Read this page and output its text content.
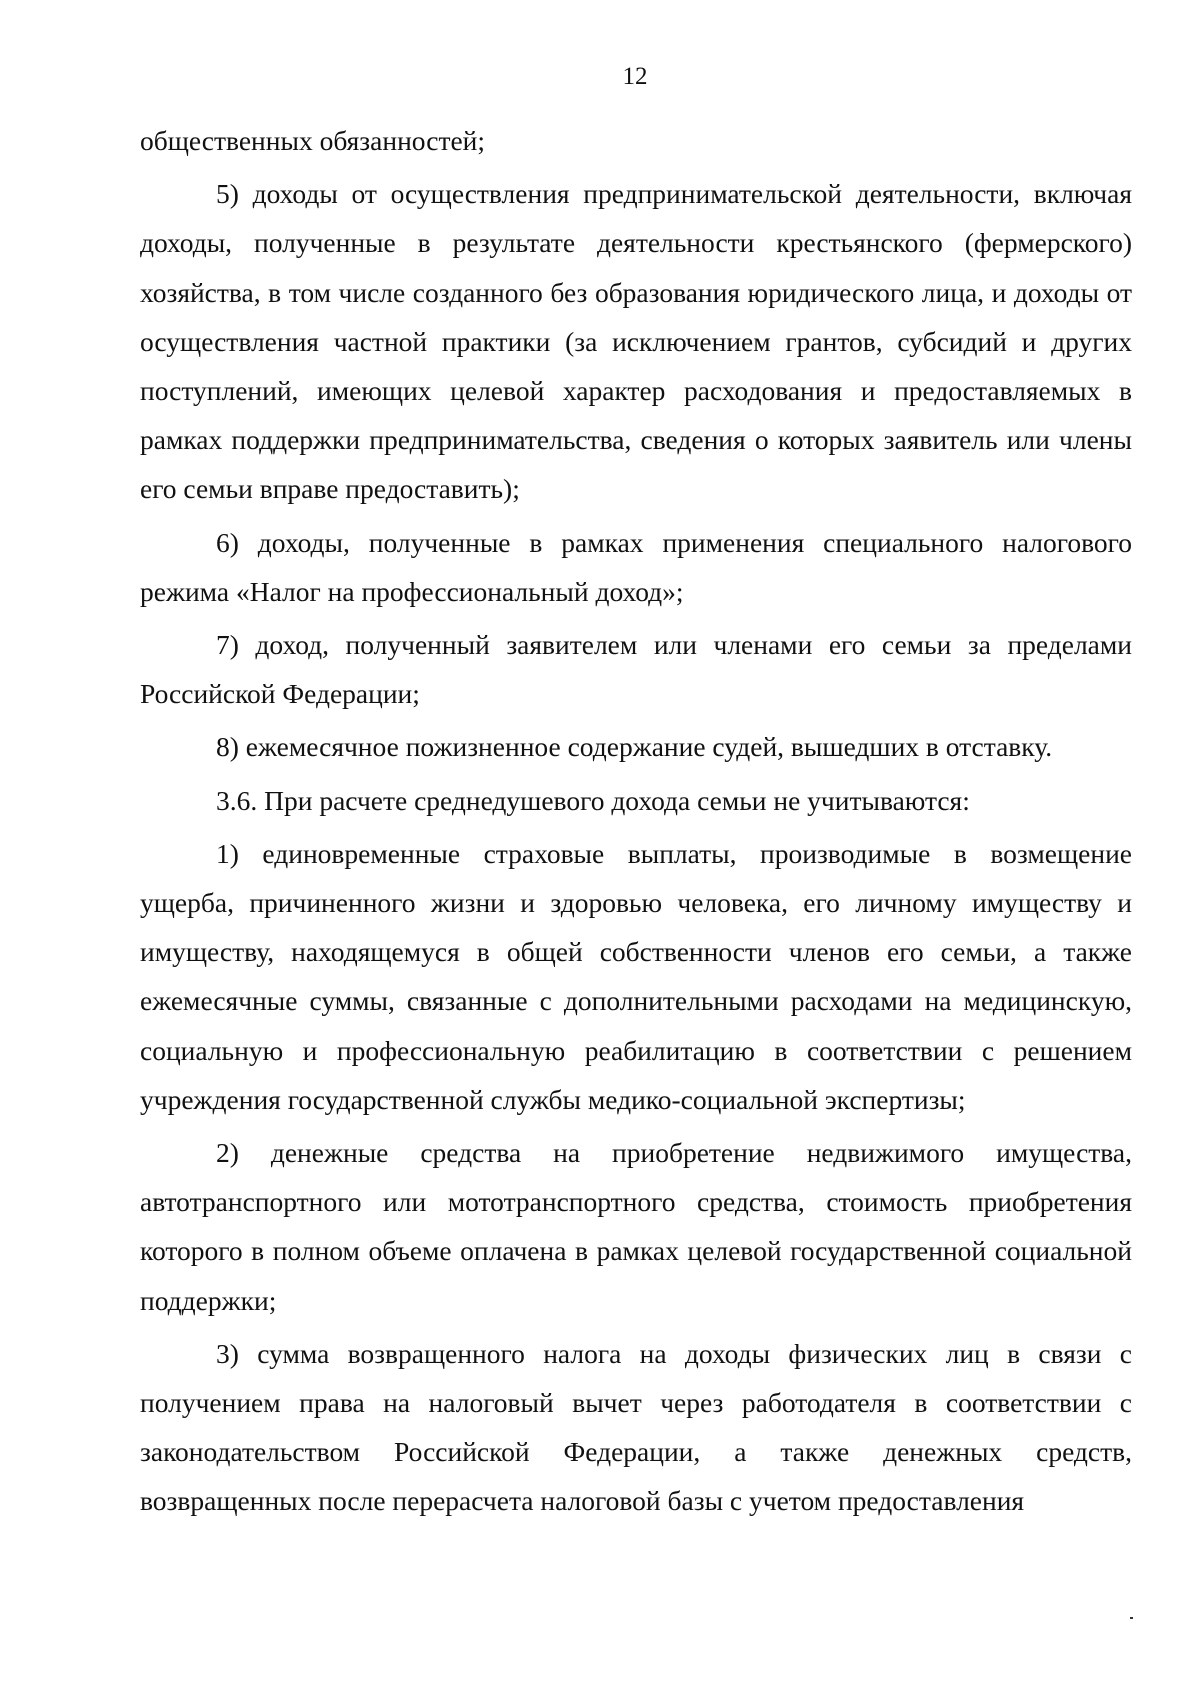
12

общественных обязанностей;

5) доходы от осуществления предпринимательской деятельности, включая доходы, полученные в результате деятельности крестьянского (фермерского) хозяйства, в том числе созданного без образования юридического лица, и доходы от осуществления частной практики (за исключением грантов, субсидий и других поступлений, имеющих целевой характер расходования и предоставляемых в рамках поддержки предпринимательства, сведения о которых заявитель или члены его семьи вправе предоставить);

6) доходы, полученные в рамках применения специального налогового режима «Налог на профессиональный доход»;

7) доход, полученный заявителем или членами его семьи за пределами Российской Федерации;

8) ежемесячное пожизненное содержание судей, вышедших в отставку.

3.6. При расчете среднедушевого дохода семьи не учитываются:

1) единовременные страховые выплаты, производимые в возмещение ущерба, причиненного жизни и здоровью человека, его личному имуществу и имуществу, находящемуся в общей собственности членов его семьи, а также ежемесячные суммы, связанные с дополнительными расходами на медицинскую, социальную и профессиональную реабилитацию в соответствии с решением учреждения государственной службы медико-социальной экспертизы;

2) денежные средства на приобретение недвижимого имущества, автотранспортного или мототранспортного средства, стоимость приобретения которого в полном объеме оплачена в рамках целевой государственной социальной поддержки;

3) сумма возвращенного налога на доходы физических лиц в связи с получением права на налоговый вычет через работодателя в соответствии с законодательством Российской Федерации, а также денежных средств, возвращенных после перерасчета налоговой базы с учетом предоставления
